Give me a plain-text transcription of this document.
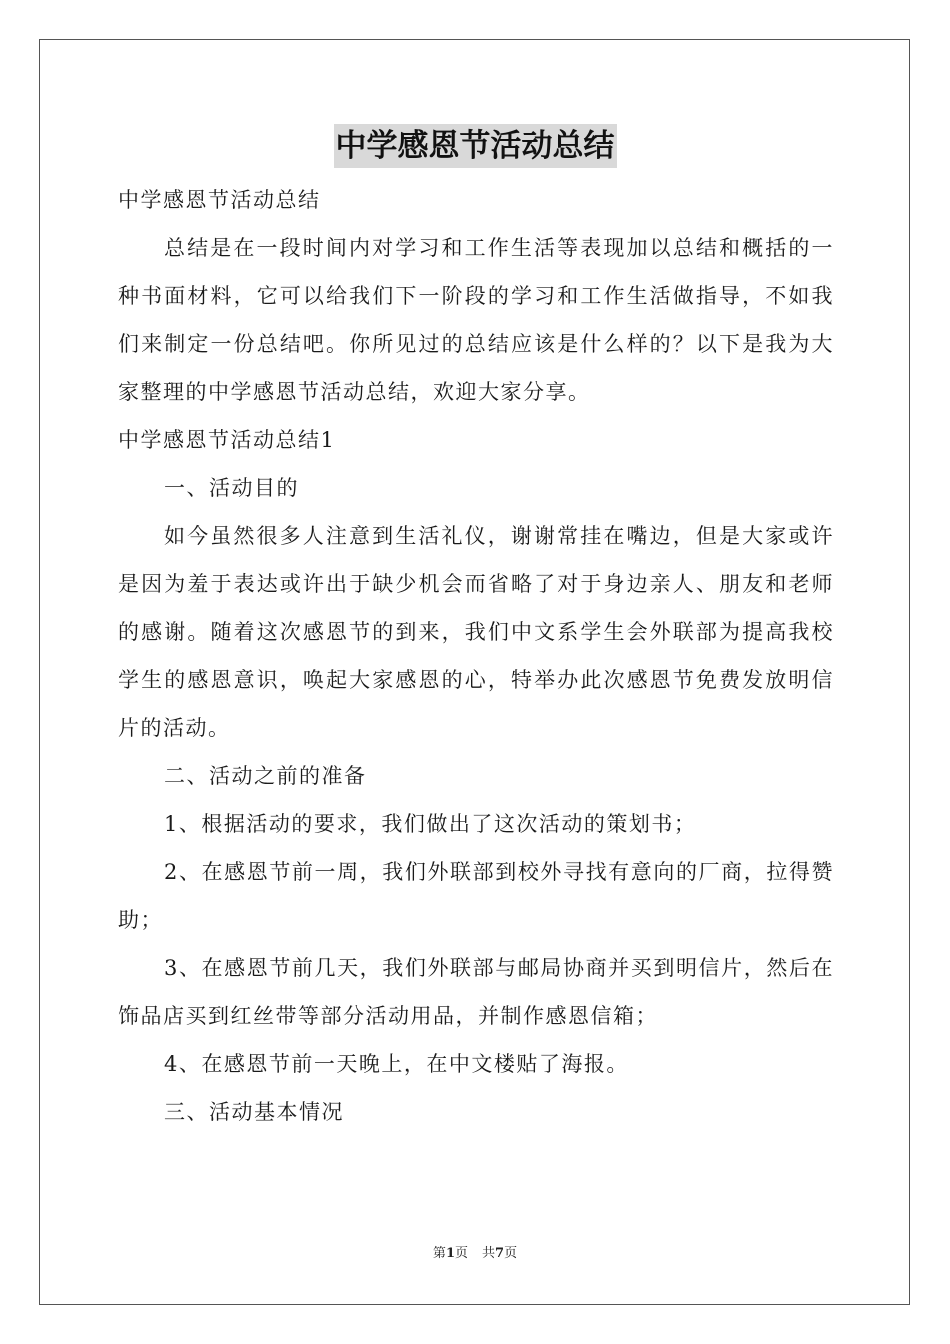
中学感恩节活动总结

中学感恩节活动总结

总结是在一段时间内对学习和工作生活等表现加以总结和概括的一种书面材料，它可以给我们下一阶段的学习和工作生活做指导，不如我们来制定一份总结吧。你所见过的总结应该是什么样的？以下是我为大家整理的中学感恩节活动总结，欢迎大家分享。

中学感恩节活动总结1

一、活动目的

如今虽然很多人注意到生活礼仪，谢谢常挂在嘴边，但是大家或许是因为羞于表达或许出于缺少机会而省略了对于身边亲人、朋友和老师的感谢。随着这次感恩节的到来，我们中文系学生会外联部为提高我校学生的感恩意识，唤起大家感恩的心，特举办此次感恩节免费发放明信片的活动。

二、活动之前的准备

1、根据活动的要求，我们做出了这次活动的策划书；

2、在感恩节前一周，我们外联部到校外寻找有意向的厂商，拉得赞助；

3、在感恩节前几天，我们外联部与邮局协商并买到明信片，然后在饰品店买到红丝带等部分活动用品，并制作感恩信箱；

4、在感恩节前一天晚上，在中文楼贴了海报。

三、活动基本情况

第1页 共7页
